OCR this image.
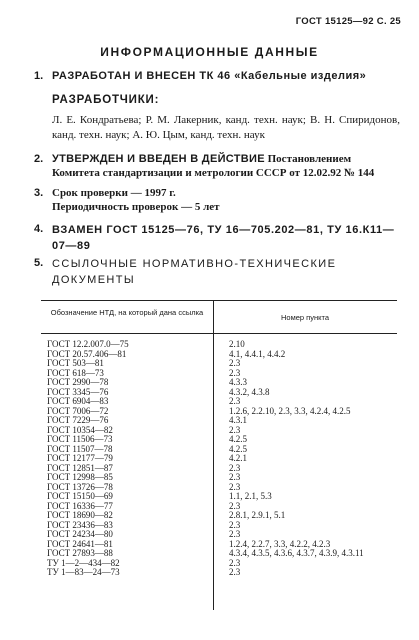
ГОСТ 15125—92 С. 25
ИНФОРМАЦИОННЫЕ ДАННЫЕ
1. РАЗРАБОТАН И ВНЕСЕН ТК 46 «Кабельные изделия»
РАЗРАБОТЧИКИ:
Л. Е. Кондратьева; Р. М. Лакерник, канд. техн. наук; В. Н. Спиридонов, канд. техн. наук; А. Ю. Цым, канд. техн. наук
2. УТВЕРЖДЕН И ВВЕДЕН В ДЕЙСТВИЕ Постановлением Комитета стандартизации и метрологии СССР от 12.02.92 № 144
3. Срок проверки — 1997 г.
Периодичность проверок — 5 лет
4. ВЗАМЕН ГОСТ 15125—76, ТУ 16—705.202—81, ТУ 16.К11—07—89
5. ССЫЛОЧНЫЕ НОРМАТИВНО-ТЕХНИЧЕСКИЕ ДОКУМЕНТЫ
Обозначение НТД, на который дана ссылка
Номер пункта
ГОСТ 12.2.007.0—75	2.10
ГОСТ 20.57.406—81	4.1, 4.4.1, 4.4.2
ГОСТ 503—81	2.3
ГОСТ 618—73	2.3
ГОСТ 2990—78	4.3.3
ГОСТ 3345—76	4.3.2, 4.3.8
ГОСТ 6904—83	2.3
ГОСТ 7006—72	1.2.6, 2.2.10, 2.3, 3.3, 4.2.4, 4.2.5
ГОСТ 7229—76	4.3.1
ГОСТ 10354—82	2.3
ГОСТ 11506—73	4.2.5
ГОСТ 11507—78	4.2.5
ГОСТ 12177—79	4.2.1
ГОСТ 12851—87	2.3
ГОСТ 12998—85	2.3
ГОСТ 13726—78	2.3
ГОСТ 15150—69	1.1, 2.1, 5.3
ГОСТ 16336—77	2.3
ГОСТ 18690—82	2.8.1, 2.9.1, 5.1
ГОСТ 23436—83	2.3
ГОСТ 24234—80	2.3
ГОСТ 24641—81	1.2.4, 2.2.7, 3.3, 4.2.2, 4.2.3
ГОСТ 27893—88	4.3.4, 4.3.5, 4.3.6, 4.3.7, 4.3.9, 4.3.11
ТУ 1—2—434—82	2.3
ТУ 1—83—24—73	2.3
